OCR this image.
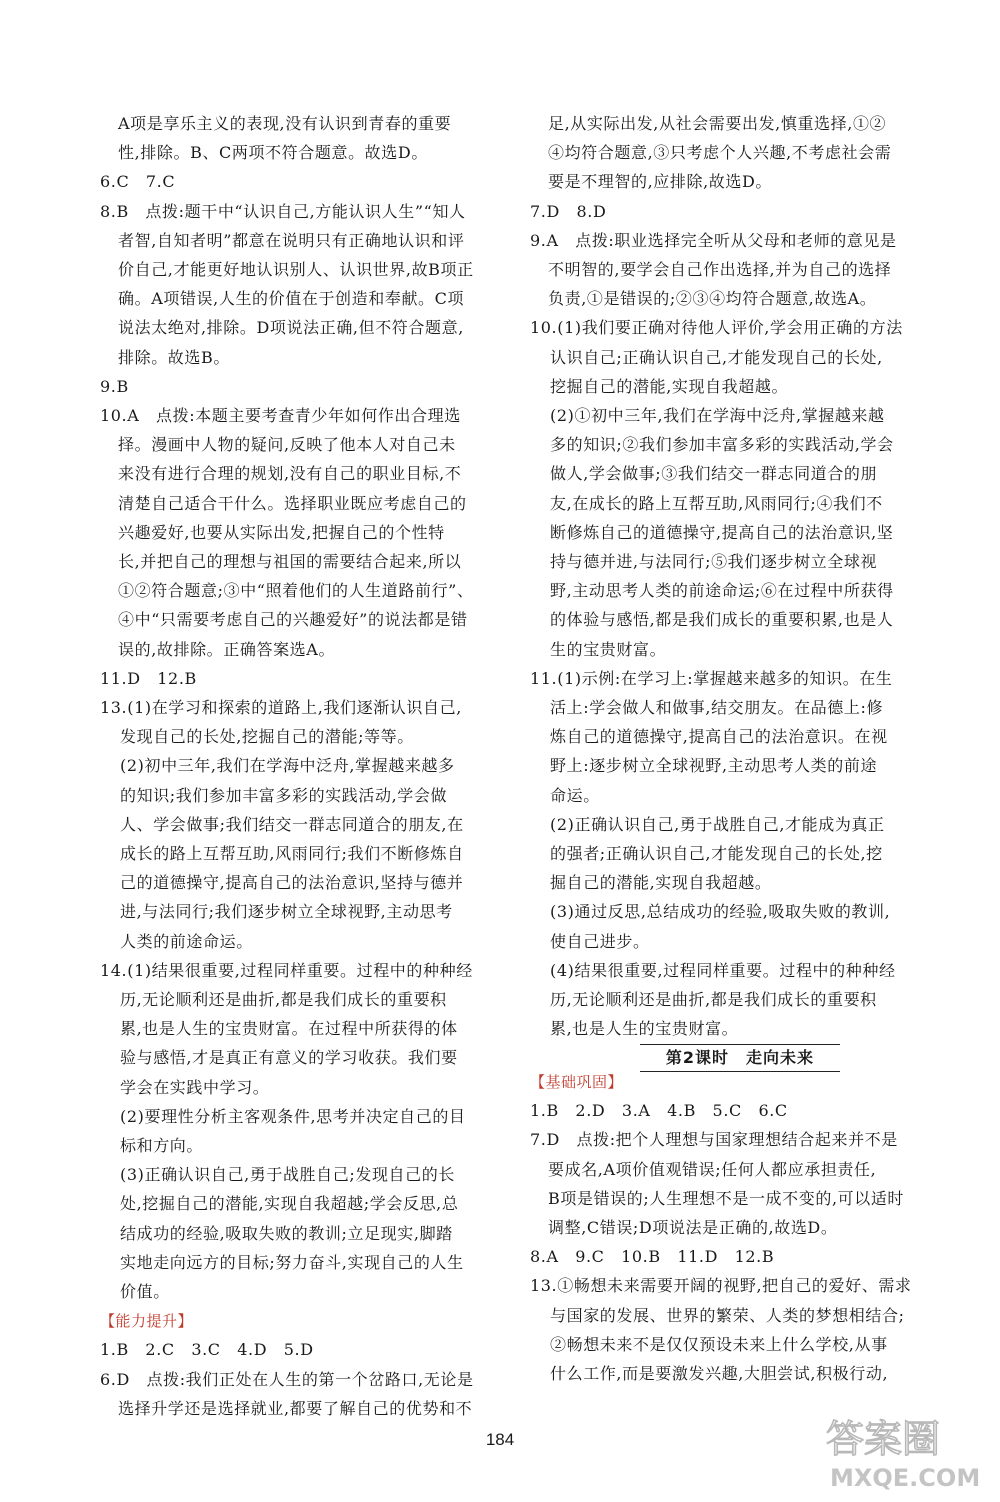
A项是享乐主义的表现,没有认识到青春的重要
性,排除。B、C两项不符合题意。故选D。
6.C　7.C
8.B　点拨:题干中“认识自己,方能认识人生”“知人
者智,自知者明”都意在说明只有正确地认识和评
价自己,才能更好地认识别人、认识世界,故B项正
确。A项错误,人生的价值在于创造和奉献。C项
说法太绝对,排除。D项说法正确,但不符合题意,
排除。故选B。
9.B
10.A　点拨:本题主要考查青少年如何作出合理选
择。漫画中人物的疑问,反映了他本人对自己未
来没有进行合理的规划,没有自己的职业目标,不
清楚自己适合干什么。选择职业既应考虑自己的
兴趣爱好,也要从实际出发,把握自己的个性特
长,并把自己的理想与祖国的需要结合起来,所以
①②符合题意;③中“照着他们的人生道路前行”、
④中“只需要考虑自己的兴趣爱好”的说法都是错
误的,故排除。正确答案选A。
11.D　12.B
13.(1)在学习和探索的道路上,我们逐渐认识自己,
发现自己的长处,挖掘自己的潜能;等等。
(2)初中三年,我们在学海中泛舟,掌握越来越多
的知识;我们参加丰富多彩的实践活动,学会做
人、学会做事;我们结交一群志同道合的朋友,在
成长的路上互帮互助,风雨同行;我们不断修炼自
己的道德操守,提高自己的法治意识,坚持与德并
进,与法同行;我们逐步树立全球视野,主动思考
人类的前途命运。
14.(1)结果很重要,过程同样重要。过程中的种种经
历,无论顺利还是曲折,都是我们成长的重要积
累,也是人生的宝贵财富。在过程中所获得的体
验与感悟,才是真正有意义的学习收获。我们要
学会在实践中学习。
(2)要理性分析主客观条件,思考并决定自己的目
标和方向。
(3)正确认识自己,勇于战胜自己;发现自己的长
处,挖掘自己的潜能,实现自我超越;学会反思,总
结成功的经验,吸取失败的教训;立足现实,脚踏
实地走向远方的目标;努力奋斗,实现自己的人生
价值。
【能力提升】
1.B　2.C　3.C　4.D　5.D
6.D　点拨:我们正处在人生的第一个岔路口,无论是
选择升学还是选择就业,都要了解自己的优势和不
足,从实际出发,从社会需要出发,慎重选择,①②
④均符合题意,③只考虑个人兴趣,不考虑社会需
要是不理智的,应排除,故选D。
7.D　8.D
9.A　点拨:职业选择完全听从父母和老师的意见是
不明智的,要学会自己作出选择,并为自己的选择
负责,①是错误的;②③④均符合题意,故选A。
10.(1)我们要正确对待他人评价,学会用正确的方法
认识自己;正确认识自己,才能发现自己的长处,
挖掘自己的潜能,实现自我超越。
(2)①初中三年,我们在学海中泛舟,掌握越来越
多的知识;②我们参加丰富多彩的实践活动,学会
做人,学会做事;③我们结交一群志同道合的朋
友,在成长的路上互帮互助,风雨同行;④我们不
断修炼自己的道德操守,提高自己的法治意识,坚
持与德并进,与法同行;⑤我们逐步树立全球视
野,主动思考人类的前途命运;⑥在过程中所获得
的体验与感悟,都是我们成长的重要积累,也是人
生的宝贵财富。
11.(1)示例:在学习上:掌握越来越多的知识。在生
活上:学会做人和做事,结交朋友。在品德上:修
炼自己的道德操守,提高自己的法治意识。在视
野上:逐步树立全球视野,主动思考人类的前途
命运。
(2)正确认识自己,勇于战胜自己,才能成为真正
的强者;正确认识自己,才能发现自己的长处,挖
掘自己的潜能,实现自我超越。
(3)通过反思,总结成功的经验,吸取失败的教训,
使自己进步。
(4)结果很重要,过程同样重要。过程中的种种经
历,无论顺利还是曲折,都是我们成长的重要积
累,也是人生的宝贵财富。
第2课时　走向未来
【基础巩固】
1.B　2.D　3.A　4.B　5.C　6.C
7.D　点拨:把个人理想与国家理想结合起来并不是
要成名,A项价值观错误;任何人都应承担责任,
B项是错误的;人生理想不是一成不变的,可以适时
调整,C错误;D项说法是正确的,故选D。
8.A　9.C　10.B　11.D　12.B
13.①畅想未来需要开阔的视野,把自己的爱好、需求
与国家的发展、世界的繁荣、人类的梦想相结合;
②畅想未来不是仅仅预设未来上什么学校,从事
什么工作,而是要激发兴趣,大胆尝试,积极行动,
184	答案圈
MXQE.COM
